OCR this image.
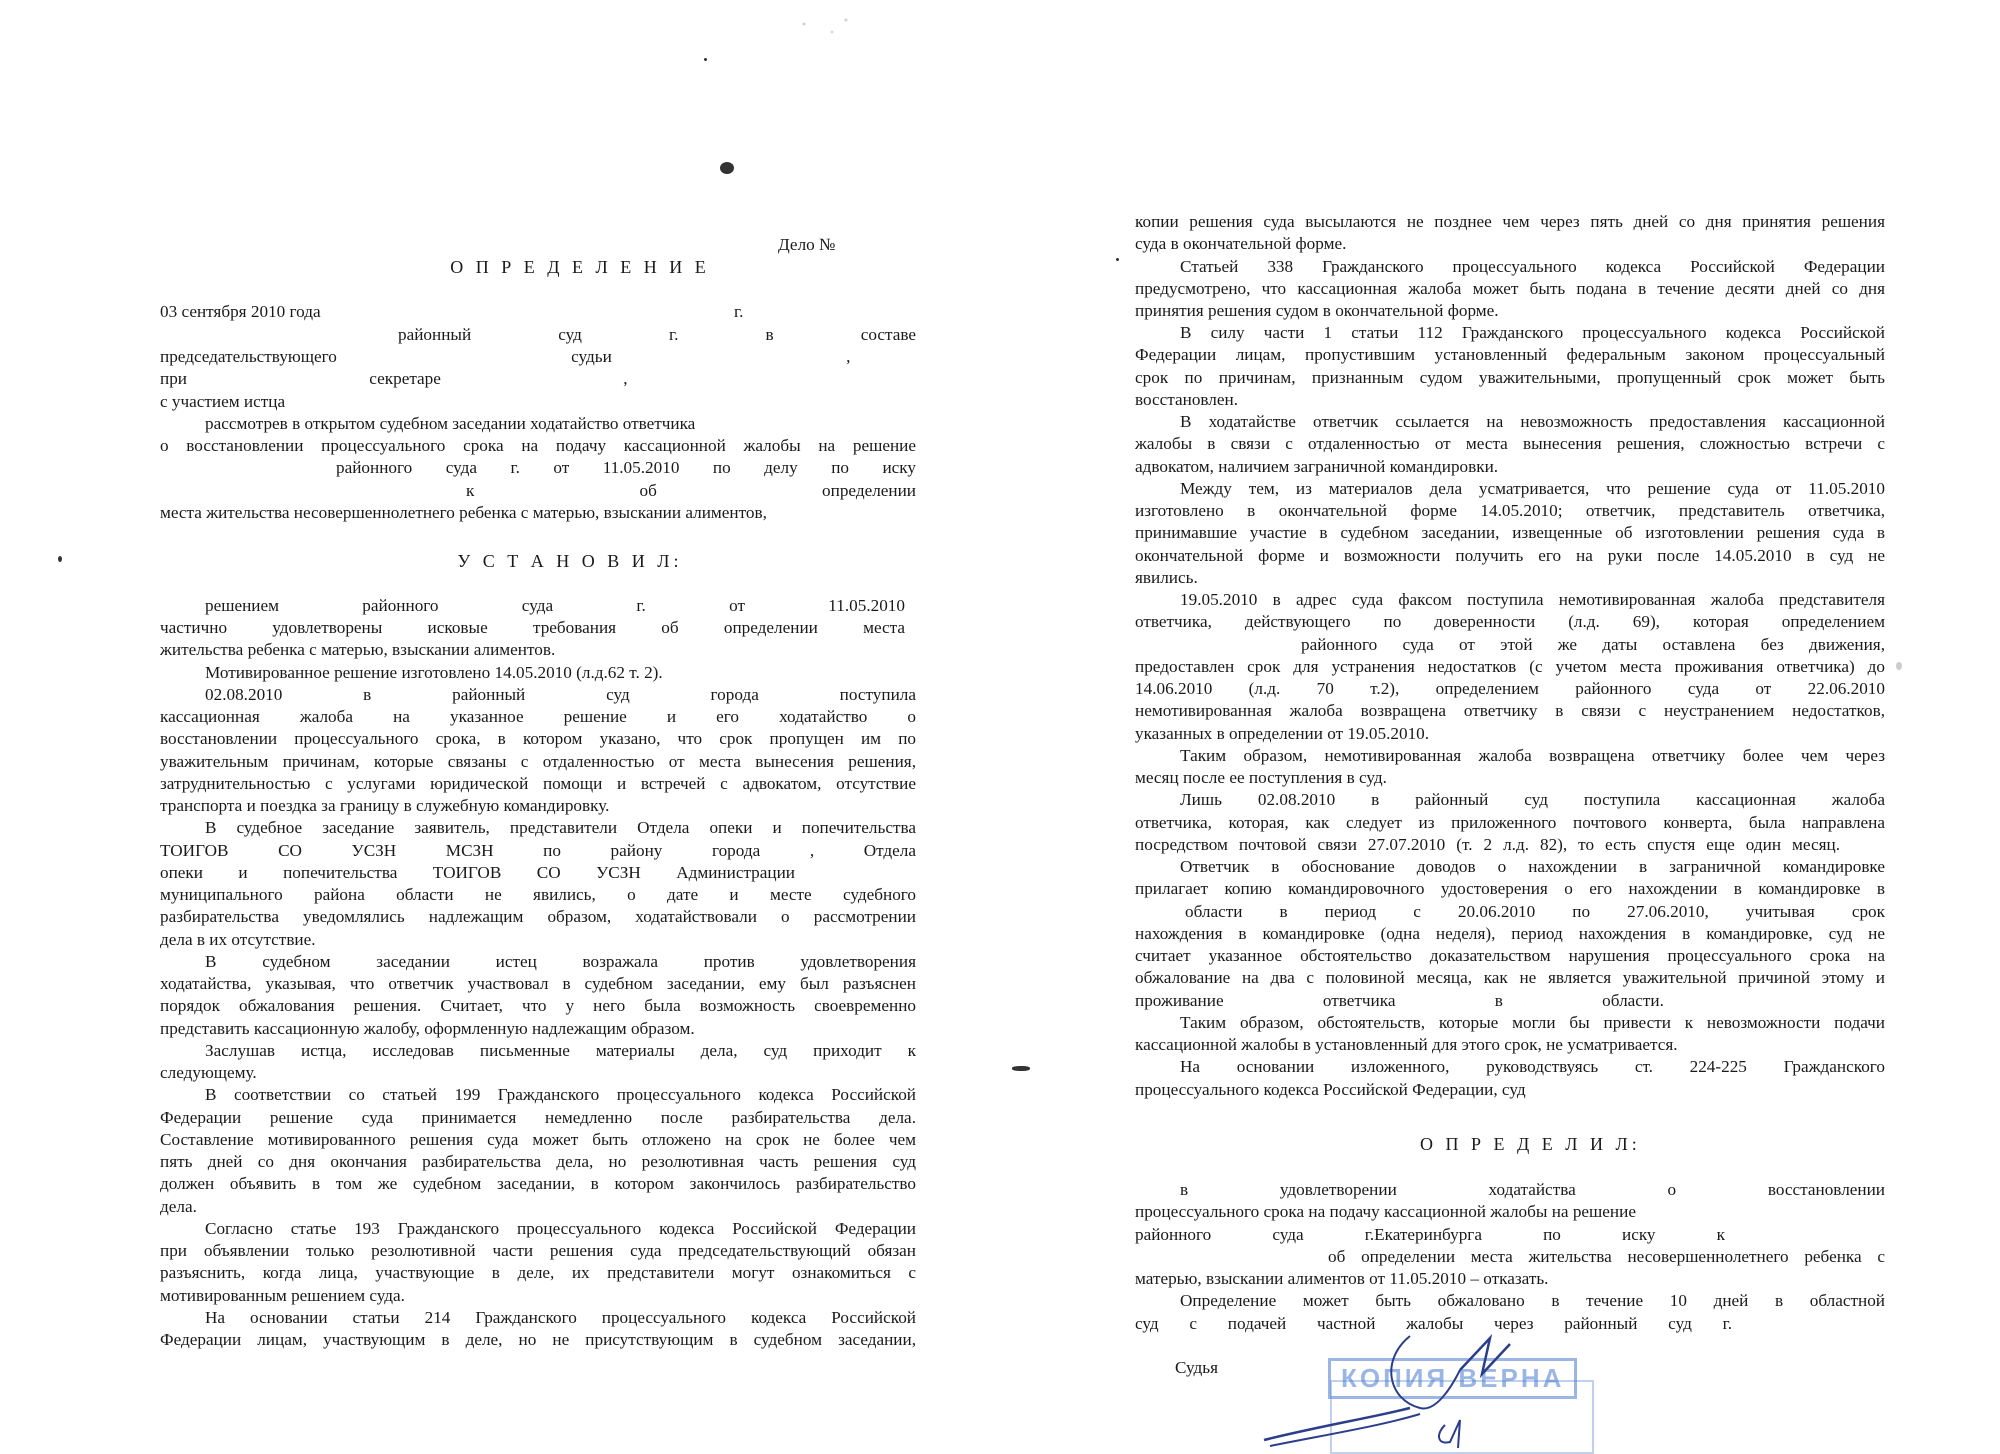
Дело №

О П Р Е Д Е Л Е Н И Е

03 сентября 2010 года	г.

районный суд г. в составе

председательствующего судьи ,

при секретаре ,

с участием истца

рассмотрев в открытом судебном заседании ходатайство ответчика

о восстановлении процессуального срока на подачу кассационной жалобы на решение

районного суда г. от 11.05.2010 по делу по иску

к об определении

места жительства несовершеннолетнего ребенка с матерью, взыскании алиментов,

У С Т А Н О В И Л:

решением районного суда г. от 11.05.2010

частично удовлетворены исковые требования об определении места

жительства ребенка с матерью, взыскании алиментов.

Мотивированное решение изготовлено 14.05.2010 (л.д.62 т. 2).

02.08.2010 в районный суд города поступила

кассационная жалоба на указанное решение и его ходатайство о

восстановлении процессуального срока, в котором указано, что срок пропущен им по

уважительным причинам, которые связаны с отдаленностью от места вынесения решения,

затруднительностью с услугами юридической помощи и встречей с адвокатом, отсутствие

транспорта и поездка за границу в служебную командировку.

В судебное заседание заявитель, представители Отдела опеки и попечительства

ТОИГОВ СО УСЗН МСЗН по району города , Отдела

опеки и попечительства ТОИГОВ СО УСЗН Администрации

муниципального района области не явились, о дате и месте судебного

разбирательства уведомлялись надлежащим образом, ходатайствовали о рассмотрении

дела в их отсутствие.

В судебном заседании истец возражала против удовлетворения

ходатайства, указывая, что ответчик участвовал в судебном заседании, ему был разъяснен

порядок обжалования решения. Считает, что у него была возможность своевременно

представить кассационную жалобу, оформленную надлежащим образом.

Заслушав истца, исследовав письменные материалы дела, суд приходит к

следующему.

В соответствии со статьей 199 Гражданского процессуального кодекса Российской

Федерации решение суда принимается немедленно после разбирательства дела.

Составление мотивированного решения суда может быть отложено на срок не более чем

пять дней со дня окончания разбирательства дела, но резолютивная часть решения суд

должен объявить в том же судебном заседании, в котором закончилось разбирательство

дела.

Согласно статье 193 Гражданского процессуального кодекса Российской Федерации

при объявлении только резолютивной части решения суда председательствующий обязан

разъяснить, когда лица, участвующие в деле, их представители могут ознакомиться с

мотивированным решением суда.

На основании статьи 214 Гражданского процессуального кодекса Российской

Федерации лицам, участвующим в деле, но не присутствующим в судебном заседании,

копии решения суда высылаются не позднее чем через пять дней со дня принятия решения

суда в окончательной форме.

Статьей 338 Гражданского процессуального кодекса Российской Федерации

предусмотрено, что кассационная жалоба может быть подана в течение десяти дней со дня

принятия решения судом в окончательной форме.

В силу части 1 статьи 112 Гражданского процессуального кодекса Российской

Федерации лицам, пропустившим установленный федеральным законом процессуальный

срок по причинам, признанным судом уважительными, пропущенный срок может быть

восстановлен.

В ходатайстве ответчик ссылается на невозможность предоставления кассационной

жалобы в связи с отдаленностью от места вынесения решения, сложностью встречи с

адвокатом, наличием заграничной командировки.

Между тем, из материалов дела усматривается, что решение суда от 11.05.2010

изготовлено в окончательной форме 14.05.2010; ответчик, представитель ответчика,

принимавшие участие в судебном заседании, извещенные об изготовлении решения суда в

окончательной форме и возможности получить его на руки после 14.05.2010 в суд не

явились.

19.05.2010 в адрес суда факсом поступила немотивированная жалоба представителя

ответчика, действующего по доверенности (л.д. 69), которая определением

районного суда от этой же даты оставлена без движения,

предоставлен срок для устранения недостатков (с учетом места проживания ответчика) до

14.06.2010 (л.д. 70 т.2), определением районного суда от 22.06.2010

немотивированная жалоба возвращена ответчику в связи с неустранением недостатков,

указанных в определении от 19.05.2010.

Таким образом, немотивированная жалоба возвращена ответчику более чем через

месяц после ее поступления в суд.

Лишь 02.08.2010 в районный суд поступила кассационная жалоба

ответчика, которая, как следует из приложенного почтового конверта, была направлена

посредством почтовой связи 27.07.2010 (т. 2 л.д. 82), то есть спустя еще один месяц.

Ответчик в обоснование доводов о нахождении в заграничной командировке

прилагает копию командировочного удостоверения о его нахождении в командировке в

области в период с 20.06.2010 по 27.06.2010, учитывая срок

нахождения в командировке (одна неделя), период нахождения в командировке, суд не

считает указанное обстоятельство доказательством нарушения процессуального срока на

обжалование на два с половиной месяца, как не является уважительной причиной этому и

проживание ответчика в области.

Таким образом, обстоятельств, которые могли бы привести к невозможности подачи

кассационной жалобы в установленный для этого срок, не усматривается.

На основании изложенного, руководствуясь ст. 224-225 Гражданского

процессуального кодекса Российской Федерации, суд

О П Р Е Д Е Л И Л:

в удовлетворении ходатайства о восстановлении

процессуального срока на подачу кассационной жалобы на решение

районного суда г.Екатеринбурга по иску к

об определении места жительства несовершеннолетнего ребенка с

матерью, взыскании алиментов от 11.05.2010 – отказать.

Определение может быть обжаловано в течение 10 дней в областной

суд с подачей частной жалобы через районный суд г.

Судья	КОПИЯ ВЕРНА
